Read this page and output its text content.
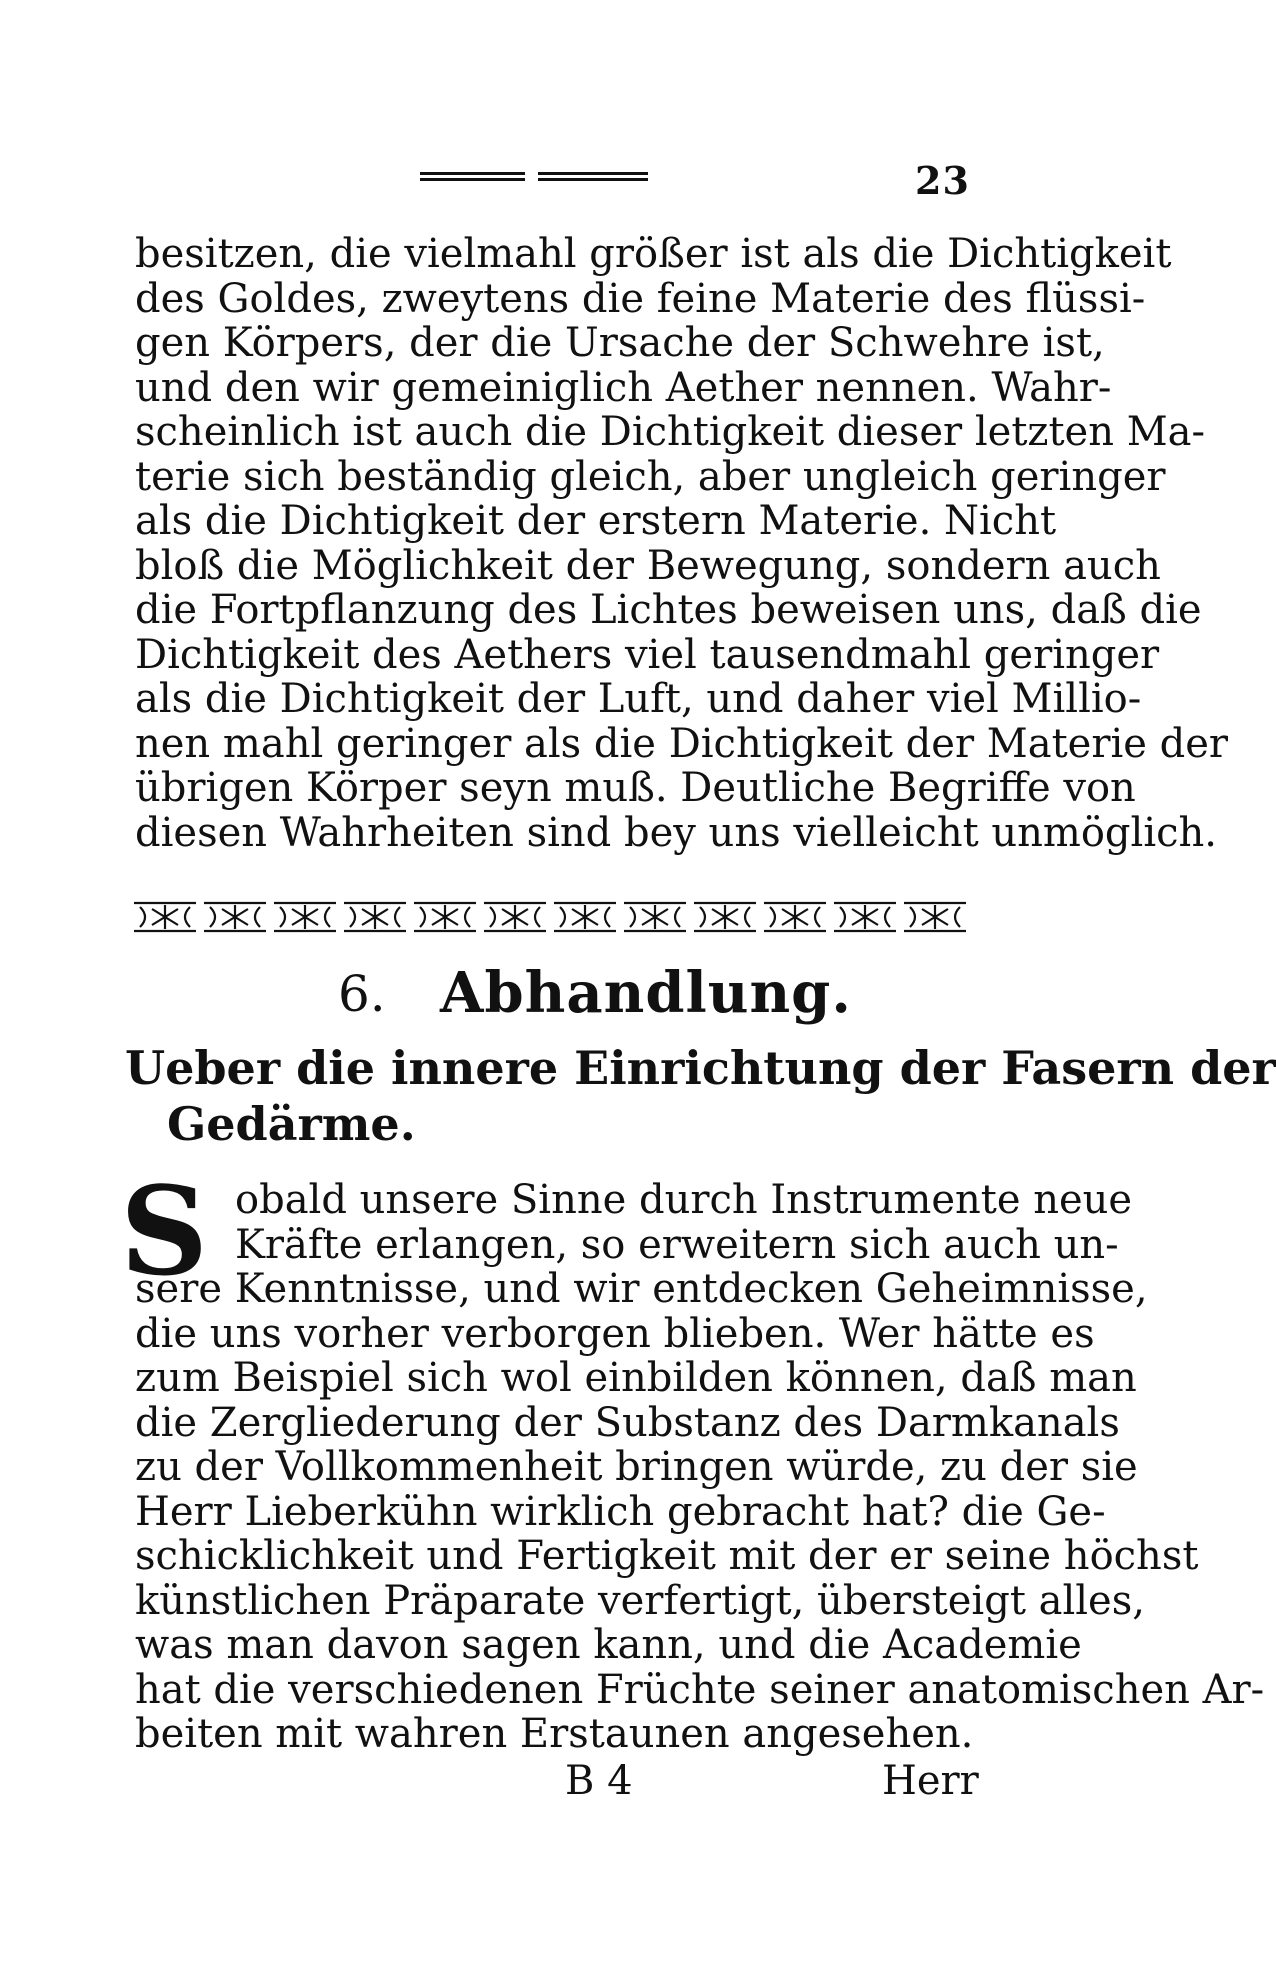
23
besitzen, die vielmahl größer ist als die Dichtigkeit
des Goldes, zweytens die feine Materie des flüssi-
gen Körpers, der die Ursache der Schwehre ist,
und den wir gemeiniglich Aether nennen. Wahr-
scheinlich ist auch die Dichtigkeit dieser letzten Ma-
terie sich beständig gleich, aber ungleich geringer
als die Dichtigkeit der erstern Materie. Nicht
bloß die Möglichkeit der Bewegung, sondern auch
die Fortpflanzung des Lichtes beweisen uns, daß die
Dichtigkeit des Aethers viel tausendmahl geringer
als die Dichtigkeit der Luft, und daher viel Millio-
nen mahl geringer als die Dichtigkeit der Materie der
übrigen Körper seyn muß. Deutliche Begriffe von
diesen Wahrheiten sind bey uns vielleicht unmöglich.
6. Abhandlung.
Ueber die innere Einrichtung der Fasern der
Gedärme.
S obald unsere Sinne durch Instrumente neue
Kräfte erlangen, so erweitern sich auch un-
sere Kenntnisse, und wir entdecken Geheimnisse,
die uns vorher verborgen blieben. Wer hätte es
zum Beispiel sich wol einbilden können, daß man
die Zergliederung der Substanz des Darmkanals
zu der Vollkommenheit bringen würde, zu der sie
Herr Lieberkühn wirklich gebracht hat? die Ge-
schicklichkeit und Fertigkeit mit der er seine höchst
künstlichen Präparate verfertigt, übersteigt alles,
was man davon sagen kann, und die Academie
hat die verschiedenen Früchte seiner anatomischen Ar-
beiten mit wahren Erstaunen angesehen.
B 4	Herr
